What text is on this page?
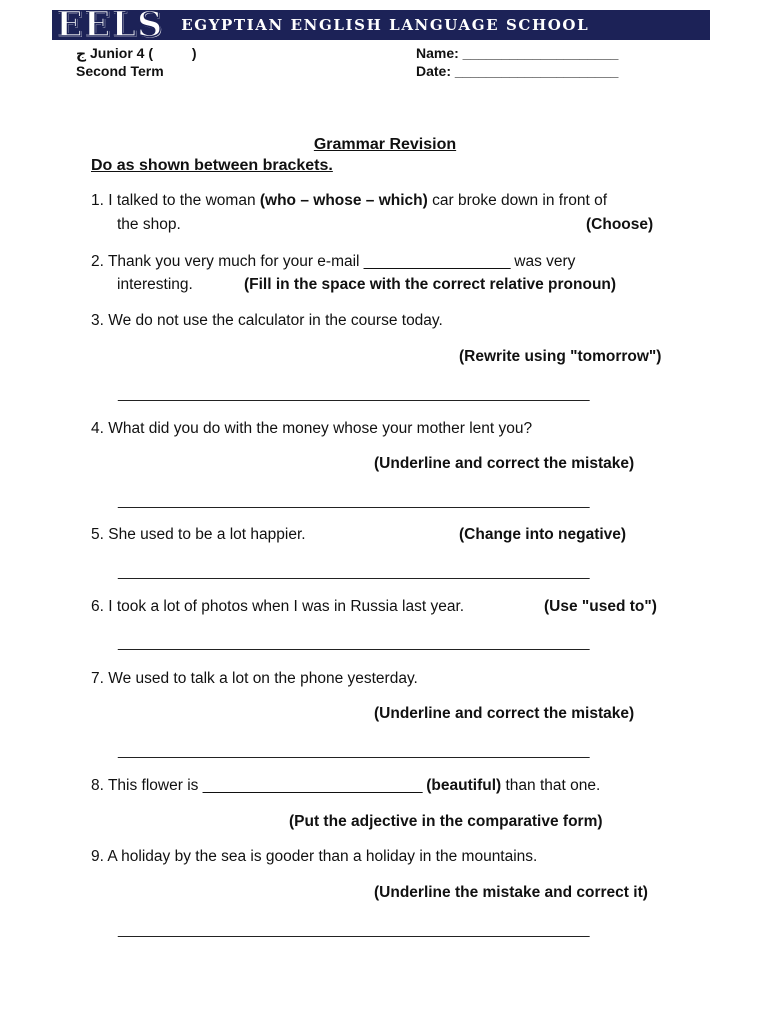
EELS EGYPTIAN ENGLISH LANGUAGE SCHOOL
ج Junior 4 (          )
Second Term
Name: ____________________
Date: _____________________
Grammar Revision
Do as shown between brackets.
1. I talked to the woman (who – whose – which) car broke down in front of
the shop.	(Choose)
2. Thank you very much for your e-mail __________________ was very
interesting.	(Fill in the space with the correct relative pronoun)
3. We do not use the calculator in the course today.
(Rewrite using "tomorrow")
__________________________________________________________
4. What did you do with the money whose your mother lent you?
(Underline and correct the mistake)
__________________________________________________________
5. She used to be a lot happier.	(Change into negative)
__________________________________________________________
6. I took a lot of photos when I was in Russia last year.	(Use "used to")
__________________________________________________________
7. We used to talk a lot on the phone yesterday.
(Underline and correct the mistake)
__________________________________________________________
8. This flower is ___________________________ (beautiful) than that one.
(Put the adjective in the comparative form)
9. A holiday by the sea is gooder than a holiday in the mountains.
(Underline the mistake and correct it)
__________________________________________________________
